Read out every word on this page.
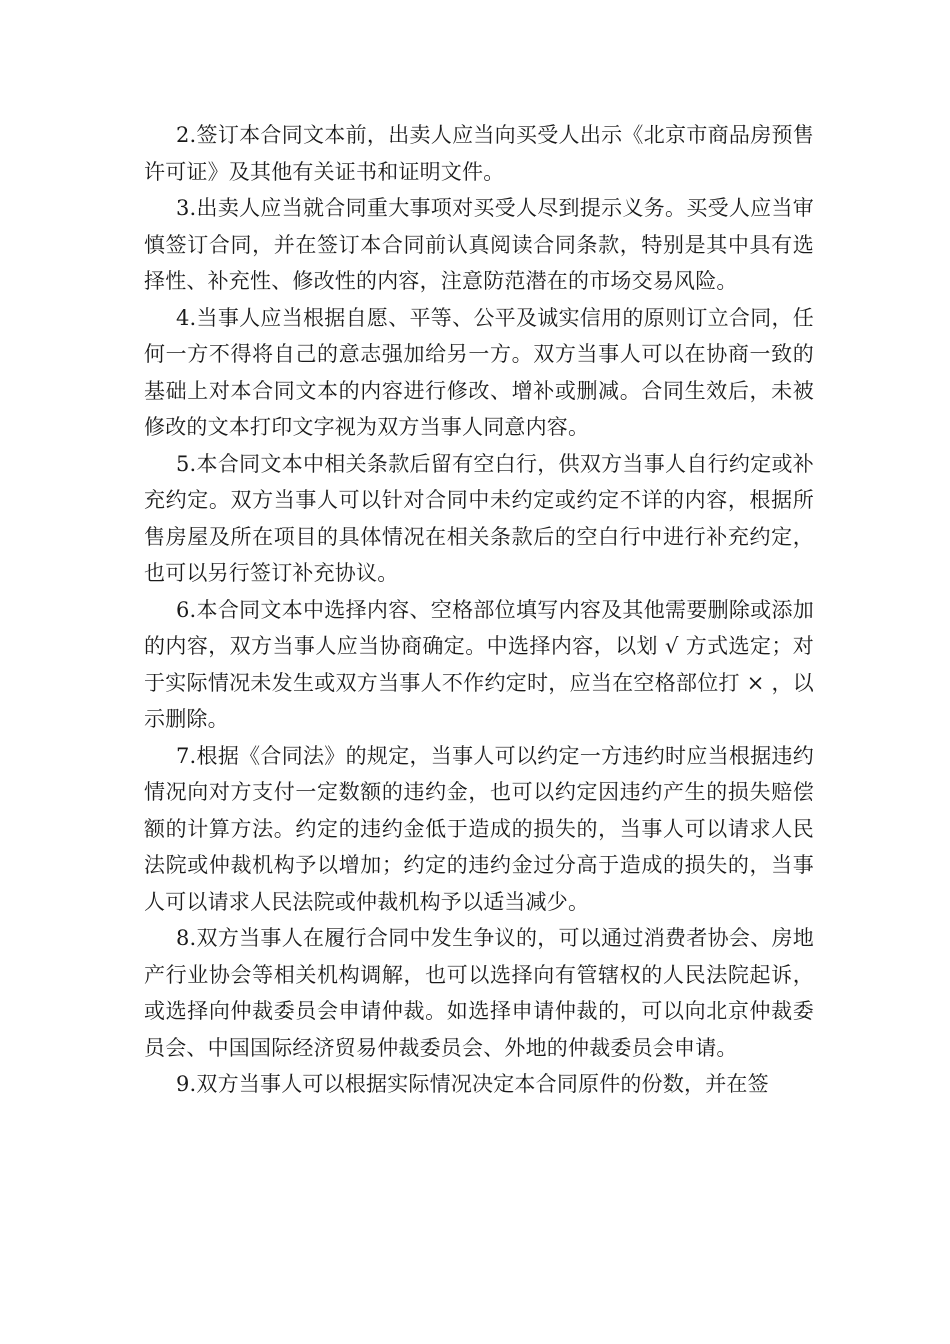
2.签订本合同文本前，出卖人应当向买受人出示《北京市商品房预售许可证》及其他有关证书和证明文件。

3.出卖人应当就合同重大事项对买受人尽到提示义务。买受人应当审慎签订合同，并在签订本合同前认真阅读合同条款，特别是其中具有选择性、补充性、修改性的内容，注意防范潜在的市场交易风险。

4.当事人应当根据自愿、平等、公平及诚实信用的原则订立合同，任何一方不得将自己的意志强加给另一方。双方当事人可以在协商一致的基础上对本合同文本的内容进行修改、增补或删减。合同生效后，未被修改的文本打印文字视为双方当事人同意内容。

5.本合同文本中相关条款后留有空白行，供双方当事人自行约定或补充约定。双方当事人可以针对合同中未约定或约定不详的内容，根据所售房屋及所在项目的具体情况在相关条款后的空白行中进行补充约定，也可以另行签订补充协议。

6.本合同文本中选择内容、空格部位填写内容及其他需要删除或添加的内容，双方当事人应当协商确定。中选择内容，以划 √ 方式选定；对于实际情况未发生或双方当事人不作约定时，应当在空格部位打 × ，以示删除。

7.根据《合同法》的规定，当事人可以约定一方违约时应当根据违约情况向对方支付一定数额的违约金，也可以约定因违约产生的损失赔偿额的计算方法。约定的违约金低于造成的损失的，当事人可以请求人民法院或仲裁机构予以增加；约定的违约金过分高于造成的损失的，当事人可以请求人民法院或仲裁机构予以适当减少。

8.双方当事人在履行合同中发生争议的，可以通过消费者协会、房地产行业协会等相关机构调解，也可以选择向有管辖权的人民法院起诉，或选择向仲裁委员会申请仲裁。如选择申请仲裁的，可以向北京仲裁委员会、中国国际经济贸易仲裁委员会、外地的仲裁委员会申请。

9.双方当事人可以根据实际情况决定本合同原件的份数，并在签
